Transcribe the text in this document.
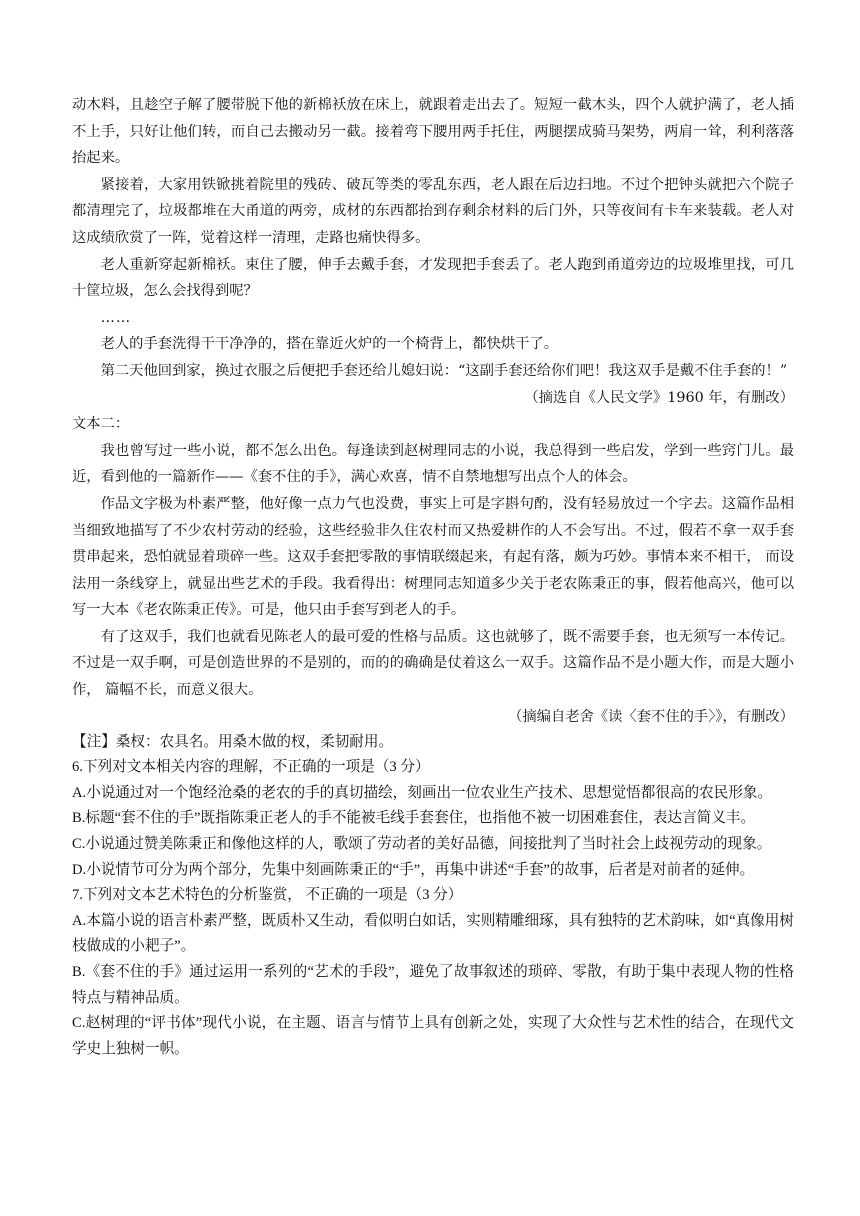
动木料，且趁空子解了腰带脱下他的新棉袄放在床上，就跟着走出去了。短短一截木头，四个人就护满了，老人插不上手，只好让他们转，而自己去搬动另一截。接着弯下腰用两手托住，两腿摆成骑马架势，两肩一耸，利利落落抬起来。

紧接着，大家用铁锨挑着院里的残砖、破瓦等类的零乱东西，老人跟在后边扫地。不过个把钟头就把六个院子都清理完了，垃圾都堆在大甬道的两旁，成材的东西都抬到存剩余材料的后门外，只等夜间有卡车来装载。老人对这成绩欣赏了一阵，觉着这样一清理，走路也痛快得多。

老人重新穿起新棉袄。束住了腰，伸手去戴手套，才发现把手套丢了。老人跑到甬道旁边的垃圾堆里找，可几十筐垃圾，怎么会找得到呢？

……

老人的手套洗得干干净净的，搭在靠近火炉的一个椅背上，都快烘干了。

第二天他回到家，换过衣服之后便把手套还给儿媳妇说：“这副手套还给你们吧！我这双手是戴不住手套的！”

（摘选自《人民文学》1960 年，有删改）

文本二：

我也曾写过一些小说，都不怎么出色。每逢读到赵树理同志的小说，我总得到一些启发，学到一些窍门儿。最近，看到他的一篇新作——《套不住的手》，满心欢喜，情不自禁地想写出点个人的体会。

作品文字极为朴素严整，他好像一点力气也没费，事实上可是字斟句酌，没有轻易放过一个字去。这篇作品相当细致地描写了不少农村劳动的经验，这些经验非久住农村而又热爱耕作的人不会写出。不过，假若不拿一双手套贯串起来，恐怕就显着琐碎一些。这双手套把零散的事情联缀起来，有起有落，颇为巧妙。事情本来不相干， 而设法用一条线穿上，就显出些艺术的手段。我看得出：树理同志知道多少关于老农陈秉正的事，假若他高兴，他可以写一大本《老农陈秉正传》。可是，他只由手套写到老人的手。

有了这双手，我们也就看见陈老人的最可爱的性格与品质。这也就够了，既不需要手套，也无须写一本传记。不过是一双手啊，可是创造世界的不是别的，而的的确确是仗着这么一双手。这篇作品不是小题大作，而是大题小作， 篇幅不长，而意义很大。

（摘编自老舍《读〈套不住的手〉》，有删改）

【注】桑杈：农具名。用桑木做的杈，柔韧耐用。

6.下列对文本相关内容的理解，不正确的一项是（3 分）

A.小说通过对一个饱经沧桑的老农的手的真切描绘，刻画出一位农业生产技术、思想觉悟都很高的农民形象。

B.标题“套不住的手”既指陈秉正老人的手不能被毛线手套套住，也指他不被一切困难套住，表达言简义丰。

C.小说通过赞美陈秉正和像他这样的人，歌颂了劳动者的美好品德，间接批判了当时社会上歧视劳动的现象。

D.小说情节可分为两个部分，先集中刻画陈秉正的“手”，再集中讲述“手套”的故事，后者是对前者的延伸。

7.下列对文本艺术特色的分析鉴赏， 不正确的一项是（3 分）

A.本篇小说的语言朴素严整，既质朴又生动，看似明白如话，实则精雕细琢，具有独特的艺术韵味，如“真像用树枝做成的小耙子”。

B.《套不住的手》通过运用一系列的“艺术的手段”，避免了故事叙述的琐碎、零散，有助于集中表现人物的性格特点与精神品质。

C.赵树理的“评书体”现代小说，在主题、语言与情节上具有创新之处，实现了大众性与艺术性的结合，在现代文学史上独树一帜。
